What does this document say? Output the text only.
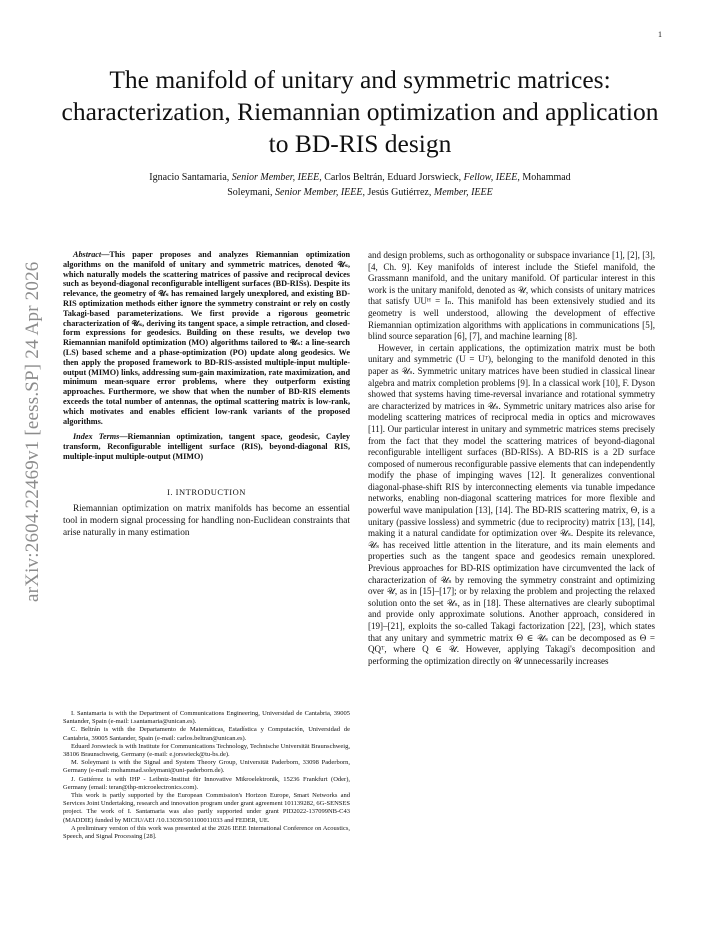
1
arXiv:2604.22469v1 [eess.SP] 24 Apr 2026
The manifold of unitary and symmetric matrices: characterization, Riemannian optimization and application to BD-RIS design
Ignacio Santamaria, Senior Member, IEEE, Carlos Beltrán, Eduard Jorswieck, Fellow, IEEE, Mohammad
Soleymani, Senior Member, IEEE, Jesús Gutiérrez, Member, IEEE

Abstract—This paper proposes and analyzes Riemannian optimization algorithms on the manifold of unitary and symmetric matrices, denoted 𝒰ₛ, which naturally models the scattering matrices of passive and reciprocal devices such as beyond-diagonal reconfigurable intelligent surfaces (BD-RISs). Despite its relevance, the geometry of 𝒰ₛ has remained largely unexplored, and existing BD-RIS optimization methods either ignore the symmetry constraint or rely on costly Takagi-based parameterizations. We first provide a rigorous geometric characterization of 𝒰ₛ, deriving its tangent space, a simple retraction, and closed-form expressions for geodesics. Building on these results, we develop two Riemannian manifold optimization (MO) algorithms tailored to 𝒰ₛ: a line-search (LS) based scheme and a phase-optimization (PO) update along geodesics. We then apply the proposed framework to BD-RIS-assisted multiple-input multiple-output (MIMO) links, addressing sum-gain maximization, rate maximization, and minimum mean-square error problems, where they outperform existing approaches. Furthermore, we show that when the number of BD-RIS elements exceeds the total number of antennas, the optimal scattering matrix is low-rank, which motivates and enables efficient low-rank variants of the proposed algorithms.

Index Terms—Riemannian optimization, tangent space, geodesic, Cayley transform, Reconfigurable intelligent surface (RIS), beyond-diagonal RIS, multiple-input multiple-output (MIMO)

I. INTRODUCTION

Riemannian optimization on matrix manifolds has become an essential tool in modern signal processing for handling non-Euclidean constraints that arise naturally in many estimation

I. Santamaria is with the Department of Communications Engineering, Universidad de Cantabria, 39005 Santander, Spain (e-mail: i.santamaria@unican.es).

C. Beltrán is with the Departamento de Matemáticas, Estadística y Computación, Universidad de Cantabria, 39005 Santander, Spain (e-mail: carlos.beltran@unican.es).

Eduard Jorswieck is with Institute for Communications Technology, Technische Universität Braunschweig, 38106 Braunschweig, Germany (e-mail: e.jorswieck@tu-bs.de).

M. Soleymani is with the Signal and System Theory Group, Universität Paderborn, 33098 Paderborn, Germany (e-mail: mohammad.soleymani@uni-paderborn.de).

J. Gutiérrez is with IHP - Leibniz-Institut für Innovative Mikroelektronik, 15236 Frankfurt (Oder), Germany (email: teran@ihp-microelectronics.com).

This work is partly supported by the European Commission's Horizon Europe, Smart Networks and Services Joint Undertaking, research and innovation program under grant agreement 101139282, 6G-SENSES project. The work of I. Santamaria was also partly supported under grant PID2022-137099NB-C43 (MADDIE) funded by MICIU/AEI /10.13039/501100011033 and FEDER, UE.

A preliminary version of this work was presented at the 2026 IEEE International Conference on Acoustics, Speech, and Signal Processing [28].

and design problems, such as orthogonality or subspace invariance [1], [2], [3], [4, Ch. 9]. Key manifolds of interest include the Stiefel manifold, the Grassmann manifold, and the unitary manifold. Of particular interest in this work is the unitary manifold, denoted as 𝒰, which consists of unitary matrices that satisfy UUᴴ = Iₙ. This manifold has been extensively studied and its geometry is well understood, allowing the development of effective Riemannian optimization algorithms with applications in communications [5], blind source separation [6], [7], and machine learning [8].

However, in certain applications, the optimization matrix must be both unitary and symmetric (U = Uᵀ), belonging to the manifold denoted in this paper as 𝒰ₛ. Symmetric unitary matrices have been studied in classical linear algebra and matrix completion problems [9]. In a classical work [10], F. Dyson showed that systems having time-reversal invariance and rotational symmetry are characterized by matrices in 𝒰ₛ. Symmetric unitary matrices also arise for modeling scattering matrices of reciprocal media in optics and microwaves [11]. Our particular interest in unitary and symmetric matrices stems precisely from the fact that they model the scattering matrices of beyond-diagonal reconfigurable intelligent surfaces (BD-RISs). A BD-RIS is a 2D surface composed of numerous reconfigurable passive elements that can independently modify the phase of impinging waves [12]. It generalizes conventional diagonal-phase-shift RIS by interconnecting elements via tunable impedance networks, enabling non-diagonal scattering matrices for more flexible and powerful wave manipulation [13], [14]. The BD-RIS scattering matrix, Θ, is a unitary (passive lossless) and symmetric (due to reciprocity) matrix [13], [14], making it a natural candidate for optimization over 𝒰ₛ. Despite its relevance, 𝒰ₛ has received little attention in the literature, and its main elements and properties such as the tangent space and geodesics remain unexplored. Previous approaches for BD-RIS optimization have circumvented the lack of characterization of 𝒰ₛ by removing the symmetry constraint and optimizing over 𝒰, as in [15]–[17]; or by relaxing the problem and projecting the relaxed solution onto the set 𝒰ₛ, as in [18]. These alternatives are clearly suboptimal and provide only approximate solutions. Another approach, considered in [19]–[21], exploits the so-called Takagi factorization [22], [23], which states that any unitary and symmetric matrix Θ ∈ 𝒰ₛ can be decomposed as Θ = QQᵀ, where Q ∈ 𝒰. However, applying Takagi's decomposition and performing the optimization directly on 𝒰 unnecessarily increases
